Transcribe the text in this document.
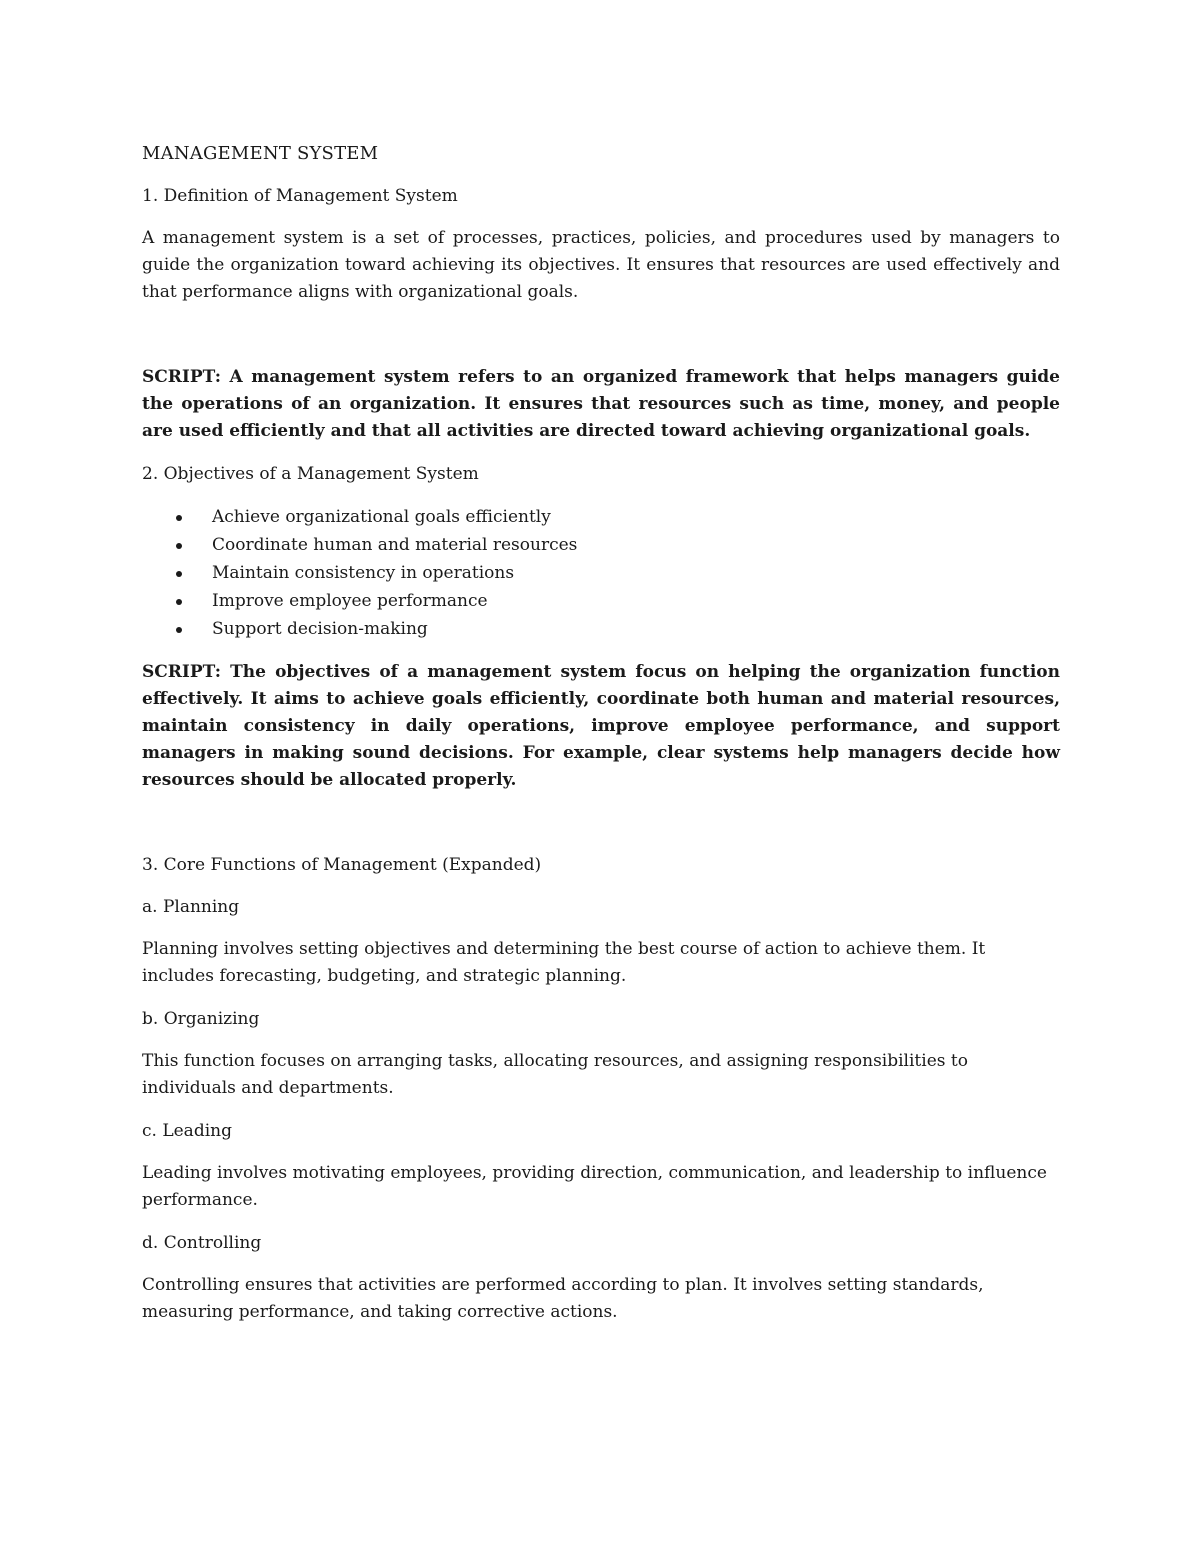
MANAGEMENT SYSTEM
1. Definition of Management System
A management system is a set of processes, practices, policies, and procedures used by managers to guide the organization toward achieving its objectives. It ensures that resources are used effectively and that performance aligns with organizational goals.
SCRIPT: A management system refers to an organized framework that helps managers guide the operations of an organization. It ensures that resources such as time, money, and people are used efficiently and that all activities are directed toward achieving organizational goals.
2. Objectives of a Management System
Achieve organizational goals efficiently
Coordinate human and material resources
Maintain consistency in operations
Improve employee performance
Support decision-making
SCRIPT: The objectives of a management system focus on helping the organization function effectively. It aims to achieve goals efficiently, coordinate both human and material resources, maintain consistency in daily operations, improve employee performance, and support managers in making sound decisions. For example, clear systems help managers decide how resources should be allocated properly.
3. Core Functions of Management (Expanded)
a. Planning
Planning involves setting objectives and determining the best course of action to achieve them. It includes forecasting, budgeting, and strategic planning.
b. Organizing
This function focuses on arranging tasks, allocating resources, and assigning responsibilities to individuals and departments.
c. Leading
Leading involves motivating employees, providing direction, communication, and leadership to influence performance.
d. Controlling
Controlling ensures that activities are performed according to plan. It involves setting standards, measuring performance, and taking corrective actions.
